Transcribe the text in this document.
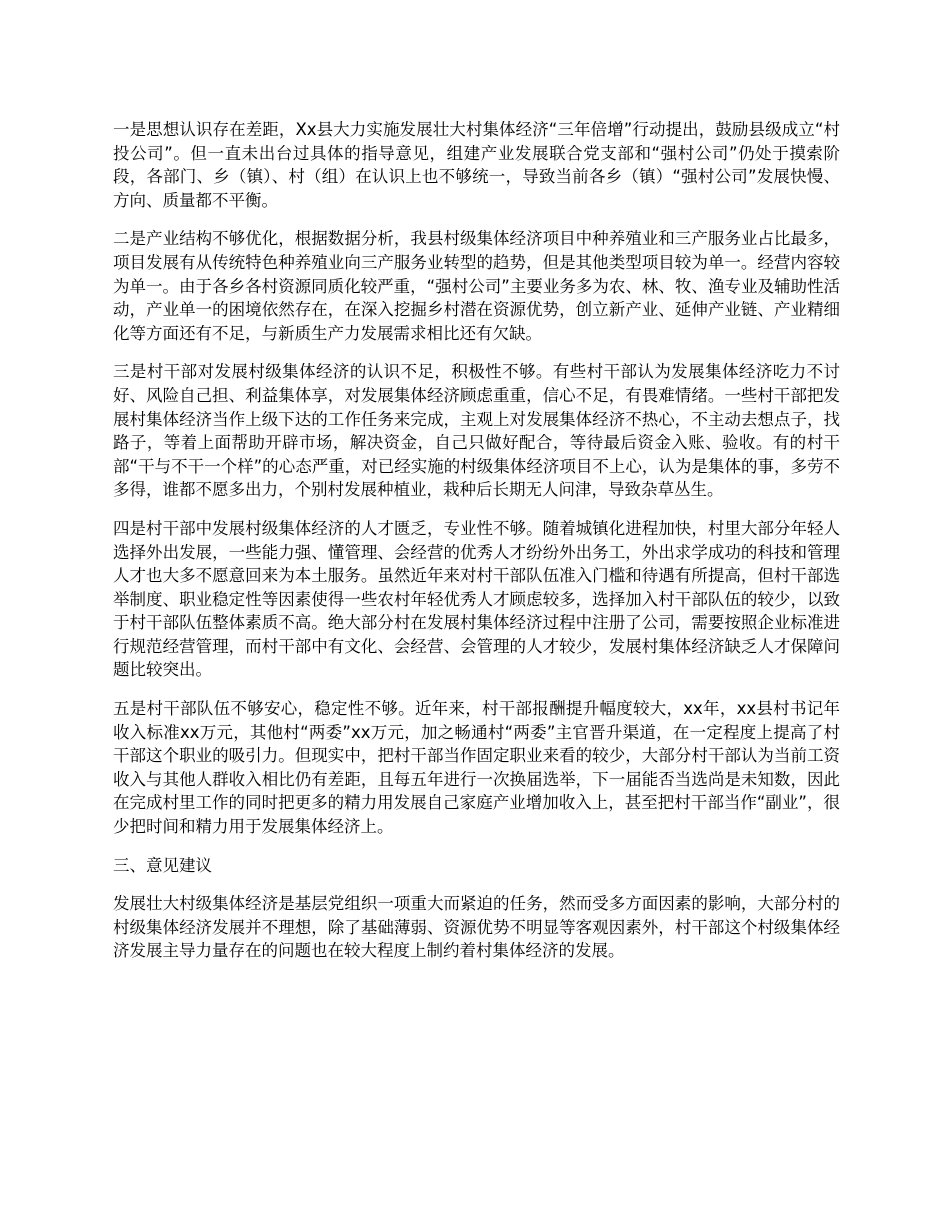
一是思想认识存在差距，Xx县大力实施发展壮大村集体经济“三年倍增”行动提出，鼓励县级成立“村投公司”。但一直未出台过具体的指导意见，组建产业发展联合党支部和“强村公司”仍处于摸索阶段，各部门、乡（镇）、村（组）在认识上也不够统一，导致当前各乡（镇）“强村公司”发展快慢、方向、质量都不平衡。

二是产业结构不够优化，根据数据分析，我县村级集体经济项目中种养殖业和三产服务业占比最多，项目发展有从传统特色种养殖业向三产服务业转型的趋势，但是其他类型项目较为单一。经营内容较为单一。由于各乡各村资源同质化较严重，“强村公司”主要业务多为农、林、牧、渔专业及辅助性活动，产业单一的困境依然存在，在深入挖掘乡村潜在资源优势，创立新产业、延伸产业链、产业精细化等方面还有不足，与新质生产力发展需求相比还有欠缺。

三是村干部对发展村级集体经济的认识不足，积极性不够。有些村干部认为发展集体经济吃力不讨好、风险自己担、利益集体享，对发展集体经济顾虑重重，信心不足，有畏难情绪。一些村干部把发展村集体经济当作上级下达的工作任务来完成，主观上对发展集体经济不热心，不主动去想点子，找路子，等着上面帮助开辟市场，解决资金，自己只做好配合，等待最后资金入账、验收。有的村干部“干与不干一个样”的心态严重，对已经实施的村级集体经济项目不上心，认为是集体的事，多劳不多得，谁都不愿多出力，个别村发展种植业，栽种后长期无人问津，导致杂草丛生。

四是村干部中发展村级集体经济的人才匮乏，专业性不够。随着城镇化进程加快，村里大部分年轻人选择外出发展，一些能力强、懂管理、会经营的优秀人才纷纷外出务工，外出求学成功的科技和管理人才也大多不愿意回来为本土服务。虽然近年来对村干部队伍准入门槛和待遇有所提高，但村干部选举制度、职业稳定性等因素使得一些农村年轻优秀人才顾虑较多，选择加入村干部队伍的较少，以致于村干部队伍整体素质不高。绝大部分村在发展村集体经济过程中注册了公司，需要按照企业标准进行规范经营管理，而村干部中有文化、会经营、会管理的人才较少，发展村集体经济缺乏人才保障问题比较突出。

五是村干部队伍不够安心，稳定性不够。近年来，村干部报酬提升幅度较大，xx年，xx县村书记年收入标准xx万元，其他村“两委”xx万元，加之畅通村“两委”主官晋升渠道，在一定程度上提高了村干部这个职业的吸引力。但现实中，把村干部当作固定职业来看的较少，大部分村干部认为当前工资收入与其他人群收入相比仍有差距，且每五年进行一次换届选举，下一届能否当选尚是未知数，因此在完成村里工作的同时把更多的精力用发展自己家庭产业增加收入上，甚至把村干部当作“副业”，很少把时间和精力用于发展集体经济上。

三、意见建议

发展壮大村级集体经济是基层党组织一项重大而紧迫的任务，然而受多方面因素的影响，大部分村的村级集体经济发展并不理想，除了基础薄弱、资源优势不明显等客观因素外，村干部这个村级集体经济发展主导力量存在的问题也在较大程度上制约着村集体经济的发展。
